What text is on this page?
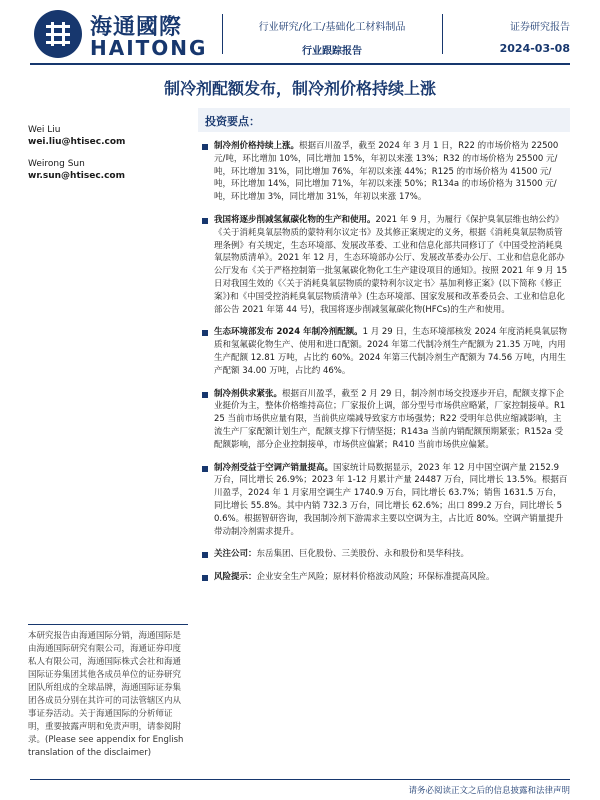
海通國際
HAITONG
行业研究/化工/基础化工材料制品
行业跟踪报告
证券研究报告
2024-03-08
制冷剂配额发布，制冷剂价格持续上涨
Wei Liu
wei.liu@htisec.com
Weirong Sun
wr.sun@htisec.com
投资要点：

制冷剂价格持续上涨。根据百川盈孚，截至 2024 年 3 月 1 日，R22 的市场价格为 22500 元/吨，环比增加 10%，同比增加 15%，年初以来涨 13%；R32 的市场价格为 25500 元/吨，环比增加 31%，同比增加 76%，年初以来涨 44%；R125 的市场价格为 41500 元/吨，环比增加 14%，同比增加 71%，年初以来涨 50%；R134a 的市场价格为 31500 元/吨，环比增加 3%，同比增加 31%，年初以来涨 17%。

我国将逐步削减氢氟碳化物的生产和使用。2021 年 9 月，为履行《保护臭氧层维也纳公约》《关于消耗臭氧层物质的蒙特利尔议定书》及其修正案规定的义务，根据《消耗臭氧层物质管理条例》有关规定，生态环境部、发展改革委、工业和信息化部共同修订了《中国受控消耗臭氧层物质清单》。2021 年 12 月，生态环境部办公厅、发展改革委办公厅、工业和信息化部办公厅发布《关于严格控制第一批氢氟碳化物化工生产建设项目的通知》。按照 2021 年 9 月 15 日对我国生效的《〈关于消耗臭氧层物质的蒙特利尔议定书〉基加利修正案》(以下简称《修正案》)和《中国受控消耗臭氧层物质清单》(生态环境部、国家发展和改革委员会、工业和信息化部公告 2021 年第 44 号)，我国将逐步削减氢氟碳化物(HFCs)的生产和使用。

生态环境部发布 2024 年制冷剂配额。1 月 29 日，生态环境部核发 2024 年度消耗臭氧层物质和氢氟碳化物生产、使用和进口配额。2024 年第二代制冷剂生产配额为 21.35 万吨，内用生产配额 12.81 万吨，占比约 60%。2024 年第三代制冷剂生产配额为 74.56 万吨，内用生产配额 34.00 万吨，占比约 46%。

制冷剂供求紧张。根据百川盈孚，截至 2 月 29 日，制冷剂市场交投逐步开启，配额支撑下企业挺价为主，整体价格维持高位；厂家报价上调，部分型号市场供应略紧，厂家控制接单。R125 当前市场供应量有限，当前供应端减导致家方市场强势；R22 受明年总供应缩减影响，主流生产厂家配额计划生产，配额支撑下行情坚挺；R143a 当前内销配额预期紧张；R152a 受配额影响，部分企业控制接单，市场供应偏紧；R410 当前市场供应偏紧。

制冷剂受益于空调产销量提高。国家统计局数据显示，2023 年 12 月中国空调产量 2152.9 万台，同比增长 26.9%；2023 年 1-12 月累计产量 24487 万台，同比增长 13.5%。根据百川盈孚，2024 年 1 月家用空调生产 1740.9 万台，同比增长 63.7%；销售 1631.5 万台，同比增长 55.8%。其中内销 732.3 万台，同比增长 62.6%；出口 899.2 万台，同比增长 50.6%。根据智研咨询，我国制冷剂下游需求主要以空调为主，占比近 80%。空调产销量提升带动制冷剂需求提升。

关注公司：东岳集团、巨化股份、三美股份、永和股份和昊华科技。

风险提示：企业安全生产风险；原材料价格波动风险；环保标准提高风险。

本研究报告由海通国际分销，海通国际是由海通国际研究有限公司，海通证券印度私人有限公司，海通国际株式会社和海通国际证券集团其他各成员单位的证券研究团队所组成的全球品牌，海通国际证券集团各成员分别在其许可的司法管辖区内从事证券活动。关于海通国际的分析师证明，重要披露声明和免责声明，请参阅附录。(Please see appendix for English translation of the disclaimer)
请务必阅读正文之后的信息披露和法律声明
